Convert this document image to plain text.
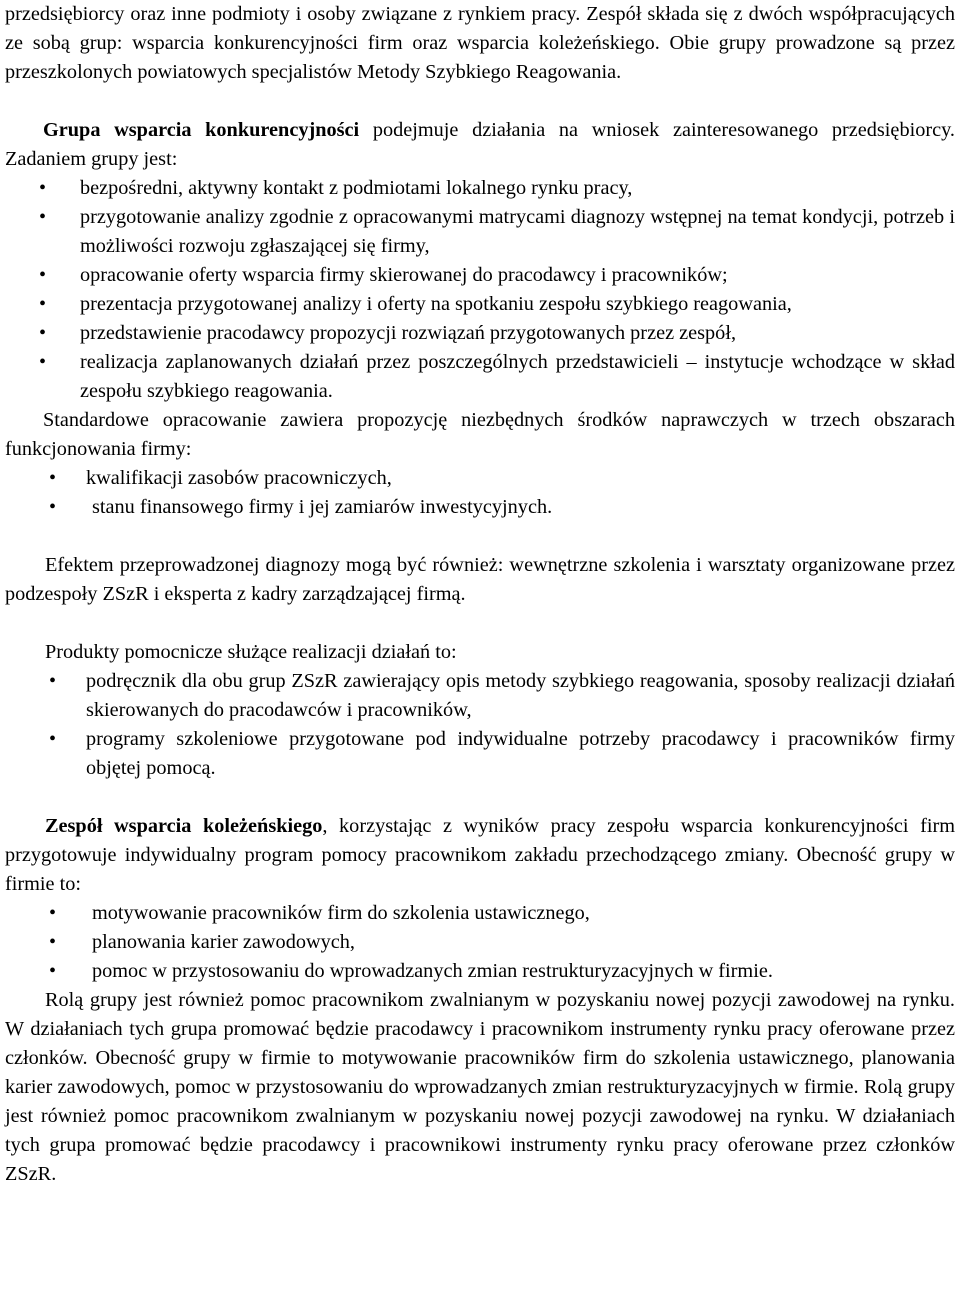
przedsiębiorcy oraz inne podmioty i osoby związane z rynkiem pracy. Zespół składa się z dwóch współpracujących ze sobą grup: wsparcia konkurencyjności firm oraz wsparcia koleżeńskiego. Obie grupy prowadzone są przez przeszkolonych powiatowych specjalistów Metody Szybkiego Reagowania.

Grupa wsparcia konkurencyjności podejmuje działania na wniosek zainteresowanego przedsiębiorcy. Zadaniem grupy jest:

• bezpośredni, aktywny kontakt z podmiotami lokalnego rynku pracy,
• przygotowanie analizy zgodnie z opracowanymi matrycami diagnozy wstępnej na temat kondycji, potrzeb i możliwości rozwoju zgłaszającej się firmy,
• opracowanie oferty wsparcia firmy skierowanej do pracodawcy i pracowników;
• prezentacja przygotowanej analizy i oferty na spotkaniu zespołu szybkiego reagowania,
• przedstawienie pracodawcy propozycji rozwiązań przygotowanych przez zespół,
• realizacja zaplanowanych działań przez poszczególnych przedstawicieli – instytucje wchodzące w skład zespołu szybkiego reagowania.

Standardowe opracowanie zawiera propozycję niezbędnych środków naprawczych w trzech obszarach funkcjonowania firmy:

• kwalifikacji zasobów pracowniczych,
• stanu finansowego firmy i jej zamiarów inwestycyjnych.

Efektem przeprowadzonej diagnozy mogą być również: wewnętrzne szkolenia i warsztaty organizowane przez podzespoły ZSzR i eksperta z kadry zarządzającej firmą.

Produkty pomocnicze służące realizacji działań to:

• podręcznik dla obu grup ZSzR zawierający opis metody szybkiego reagowania, sposoby realizacji działań skierowanych do pracodawców i pracowników,
• programy szkoleniowe przygotowane pod indywidualne potrzeby pracodawcy i pracowników firmy objętej pomocą.

Zespół wsparcia koleżeńskiego, korzystając z wyników pracy zespołu wsparcia konkurencyjności firm przygotowuje indywidualny program pomocy pracownikom zakładu przechodzącego zmiany. Obecność grupy w firmie to:

• motywowanie pracowników firm do szkolenia ustawicznego,
• planowania karier zawodowych,
• pomoc w przystosowaniu do wprowadzanych zmian restrukturyzacyjnych w firmie.

Rolą grupy jest również pomoc pracownikom zwalnianym w pozyskaniu nowej pozycji zawodowej na rynku. W działaniach tych grupa promować będzie pracodawcy i pracownikom instrumenty rynku pracy oferowane przez członków. Obecność grupy w firmie to motywowanie pracowników firm do szkolenia ustawicznego, planowania karier zawodowych, pomoc w przystosowaniu do wprowadzanych zmian restrukturyzacyjnych w firmie. Rolą grupy jest również pomoc pracownikom zwalnianym w pozyskaniu nowej pozycji zawodowej na rynku. W działaniach tych grupa promować będzie pracodawcy i pracownikowi instrumenty rynku pracy oferowane przez członków ZSzR.
